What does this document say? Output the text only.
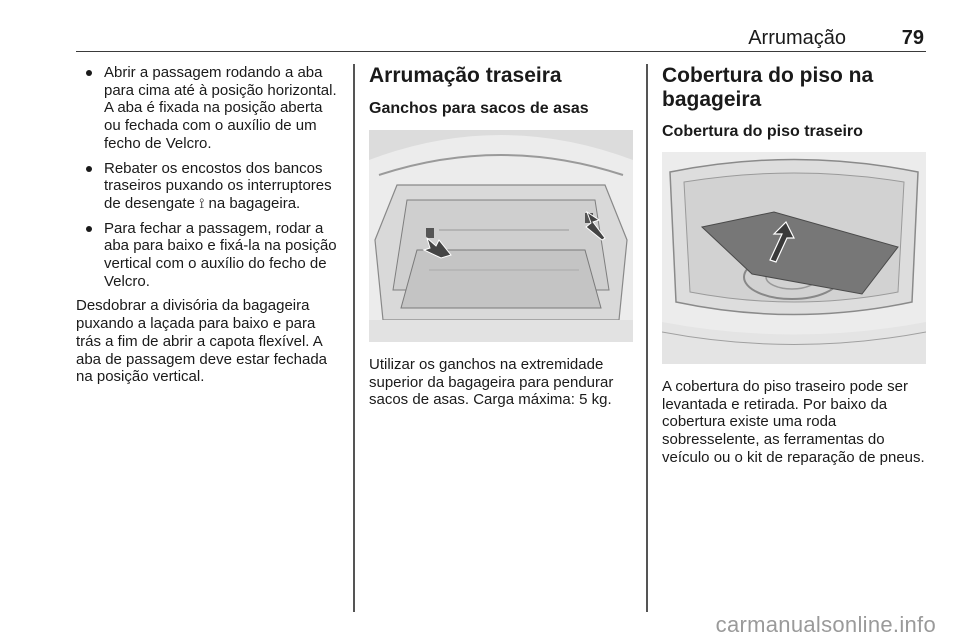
Arrumação	79
Abrir a passagem rodando a aba para cima até à posição horizontal. A aba é fixada na posição aberta ou fechada com o auxílio de um fecho de Velcro.
Rebater os encostos dos bancos traseiros puxando os interruptores de desengate ⟟ na bagageira.
Para fechar a passagem, rodar a aba para baixo e fixá-la na posição vertical com o auxílio do fecho de Velcro.

Desdobrar a divisória da bagageira puxando a laçada para baixo e para trás a fim de abrir a capota flexível. A aba de passagem deve estar fechada na posição vertical.

Arrumação traseira
Ganchos para sacos de asas

Utilizar os ganchos na extremidade superior da bagageira para pendurar sacos de asas. Carga máxima: 5 kg.

Cobertura do piso na bagageira
Cobertura do piso traseiro

A cobertura do piso traseiro pode ser levantada e retirada. Por baixo da cobertura existe uma roda sobresselente, as ferramentas do veículo ou o kit de reparação de pneus.

carmanualsonline.info
